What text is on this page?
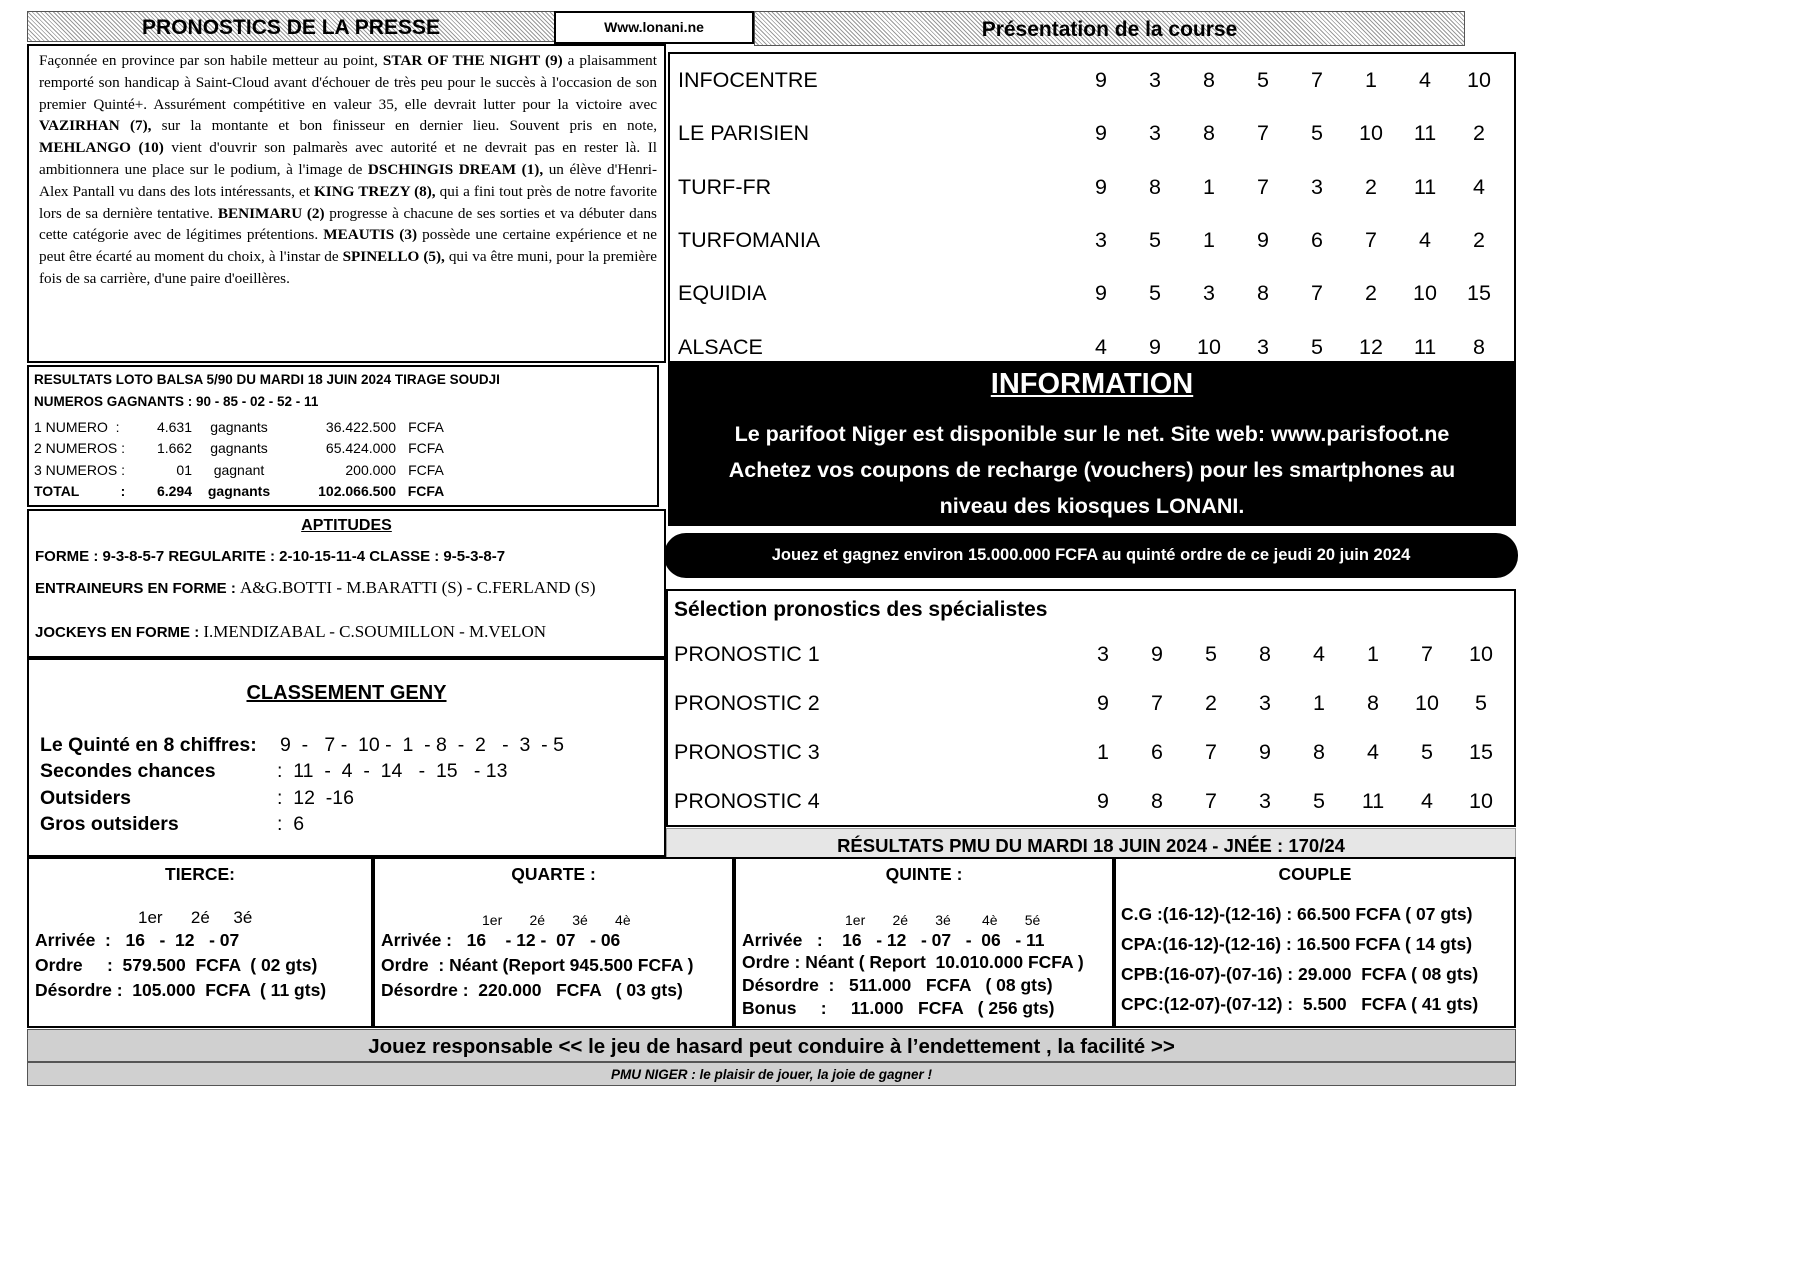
PRONOSTICS DE LA PRESSE	Www.lonani.ne	Présentation de la course
Façonnée en province par son habile metteur au point, STAR OF THE NIGHT (9) a plaisamment remporté son handicap à Saint-Cloud avant d'échouer de très peu pour le succès à l'occasion de son premier Quinté+. Assurément compétitive en valeur 35, elle devrait lutter pour la victoire avec VAZIRHAN (7), sur la montante et bon finisseur en dernier lieu. Souvent pris en note, MEHLANGO (10) vient d'ouvrir son palmarès avec autorité et ne devrait pas en rester là. Il ambitionnera une place sur le podium, à l'image de DSCHINGIS DREAM (1), un élève d'Henri-Alex Pantall vu dans des lots intéressants, et KING TREZY (8), qui a fini tout près de notre favorite lors de sa dernière tentative. BENIMARU (2) progresse à chacune de ses sorties et va débuter dans cette catégorie avec de légitimes prétentions. MEAUTIS (3) possède une certaine expérience et ne peut être écarté au moment du choix, à l'instar de SPINELLO (5), qui va être muni, pour la première fois de sa carrière, d'une paire d'oeillères.
INFOCENTRE	9	3	8	5	7	1	4	10
LE PARISIEN	9	3	8	7	5	10	11	2
TURF-FR	9	8	1	7	3	2	11	4
TURFOMANIA	3	5	1	9	6	7	4	2
EQUIDIA	9	5	3	8	7	2	10	15
ALSACE	4	9	10	3	5	12	11	8
RESULTATS LOTO BALSA 5/90 DU MARDI 18 JUIN 2024 TIRAGE SOUDJI
NUMEROS GAGNANTS : 90 - 85 - 02 - 52 - 11
1 NUMERO  :	4.631	gagnants	36.422.500 FCFA
2 NUMEROS :	1.662	gagnants	65.424.000 FCFA
3 NUMEROS :	01	gagnant	200.000 FCFA
TOTAL	:	6.294	gagnants	102.066.500 FCFA
INFORMATION
Le parifoot Niger est disponible sur le net. Site web: www.parisfoot.ne
Achetez vos coupons de recharge (vouchers) pour les smartphones au
niveau des kiosques LONANI.
Jouez et gagnez environ 15.000.000 FCFA au quinté ordre de ce jeudi 20 juin 2024
APTITUDES
FORME : 9-3-8-5-7 REGULARITE : 2-10-15-11-4 CLASSE : 9-5-3-8-7
ENTRAINEURS EN FORME : A&G.BOTTI - M.BARATTI (S) - C.FERLAND (S)
JOCKEYS EN FORME : I.MENDIZABAL - C.SOUMILLON - M.VELON
Sélection pronostics des spécialistes
PRONOSTIC 1	3	9	5	8	4	1	7	10
PRONOSTIC 2	9	7	2	3	1	8	10	5
PRONOSTIC 3	1	6	7	9	8	4	5	15
PRONOSTIC 4	9	8	7	3	5	11	4	10
CLASSEMENT GENY
Le Quinté en 8 chiffres:	9  -   7 -  10 -  1  - 8  -  2   -  3  - 5
Secondes chances	:  11  -  4  -  14   -  15   - 13
Outsiders	:  12  -16
Gros outsiders	:  6
RÉSULTATS PMU DU MARDI 18 JUIN 2024 - JNÉE : 170/24
TIERCE:
1er      2é     3é
Arrivée  :   16   -  12   - 07
Ordre     :  579.500  FCFA  ( 02 gts)
Désordre :  105.000  FCFA  ( 11 gts)
QUARTE :
1er       2é       3é       4è
Arrivée :   16    - 12 -  07   - 06
Ordre  : Néant (Report 945.500 FCFA )
Désordre :  220.000   FCFA   ( 03 gts)
QUINTE :
1er       2é       3é        4è       5é
Arrivée   :    16   - 12   - 07   -  06   - 11
Ordre : Néant ( Report  10.010.000 FCFA )
Désordre  :   511.000   FCFA   ( 08 gts)
Bonus     :     11.000   FCFA   ( 256 gts)
COUPLE
C.G :(16-12)-(12-16) : 66.500 FCFA ( 07 gts)
CPA:(16-12)-(12-16) : 16.500 FCFA ( 14 gts)
CPB:(16-07)-(07-16) : 29.000  FCFA ( 08 gts)
CPC:(12-07)-(07-12) :  5.500   FCFA ( 41 gts)
Jouez responsable << le jeu de hasard peut conduire à l’endettement , la facilité >>
PMU NIGER : le plaisir de jouer, la joie de gagner !
